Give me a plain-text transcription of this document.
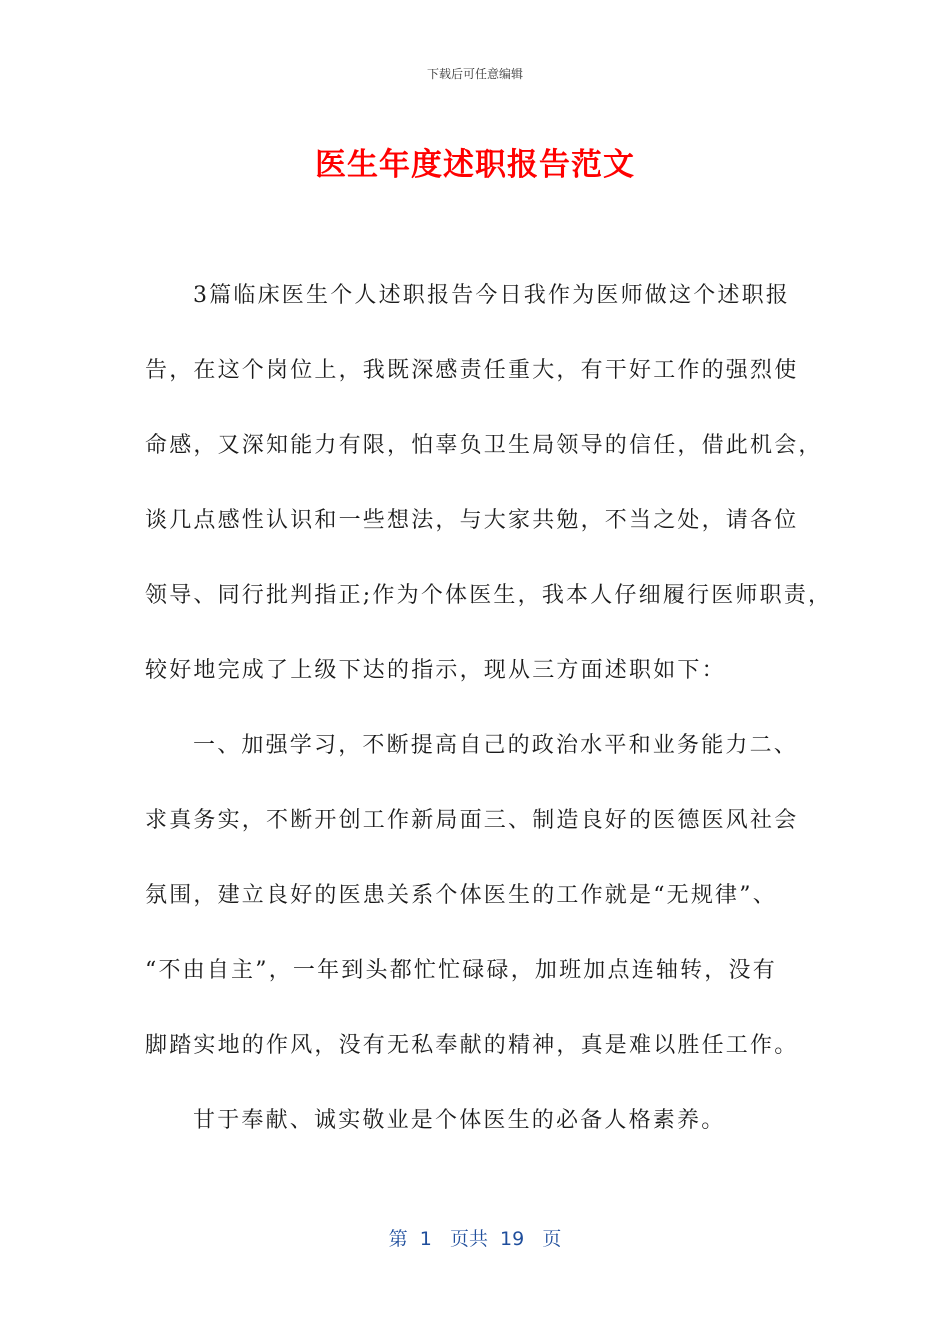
下载后可任意编辑
医生年度述职报告范文
3篇临床医生个人述职报告今日我作为医师做这个述职报
告，在这个岗位上，我既深感责任重大，有干好工作的强烈使
命感，又深知能力有限，怕辜负卫生局领导的信任，借此机会，
谈几点感性认识和一些想法，与大家共勉，不当之处，请各位
领导、同行批判指正;作为个体医生，我本人仔细履行医师职责，
较好地完成了上级下达的指示，现从三方面述职如下：
一、加强学习，不断提高自己的政治水平和业务能力二、
求真务实，不断开创工作新局面三、制造良好的医德医风社会
氛围，建立良好的医患关系个体医生的工作就是“无规律”、
“不由自主”，一年到头都忙忙碌碌，加班加点连轴转，没有
脚踏实地的作风，没有无私奉献的精神，真是难以胜任工作。
甘于奉献、诚实敬业是个体医生的必备人格素养。
第  1   页共  19   页
